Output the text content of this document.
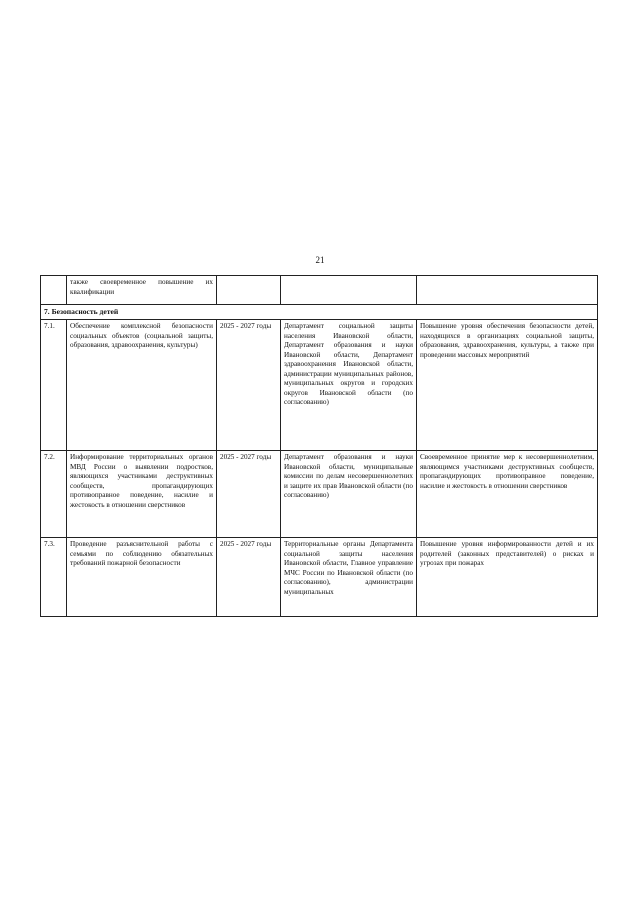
21
	также своевременное повышение их квалификации			
7. Безопасность детей				
7.1.	Обеспечение комплексной безопасности социальных объектов (социальной защиты, образования, здравоохранения, культуры)	2025 - 2027 годы	Департамент социальной защиты населения Ивановской области, Департамент образования и науки Ивановской области, Департамент здравоохранения Ивановской области, администрации муниципальных районов, муниципальных округов и городских округов Ивановской области (по согласованию)	Повышение уровня обеспечения безопасности детей, находящихся в организациях социальной защиты, образования, здравоохранения, культуры, а также при проведении массовых мероприятий
7.2.	Информирование территориальных органов МВД России о выявлении подростков, являющихся участниками деструктивных сообществ, пропагандирующих противоправное поведение, насилие и жестокость в отношении сверстников	2025 - 2027 годы	Департамент образования и науки Ивановской области, муниципальные комиссии по делам несовершеннолетних и защите их прав Ивановской области (по согласованию)	Своевременное принятие мер к несовершеннолетним, являющимся участниками деструктивных сообществ, пропагандирующих противоправное поведение, насилие и жестокость в отношении сверстников
7.3.	Проведение разъяснительной работы с семьями по соблюдению обязательных требований пожарной безопасности	2025 - 2027 годы	Территориальные органы Департамента социальной защиты населения Ивановской области, Главное управление МЧС России по Ивановской области (по согласованию), администрации муниципальных	Повышение уровня информированности детей и их родителей (законных представителей) о рисках и угрозах при пожарах
